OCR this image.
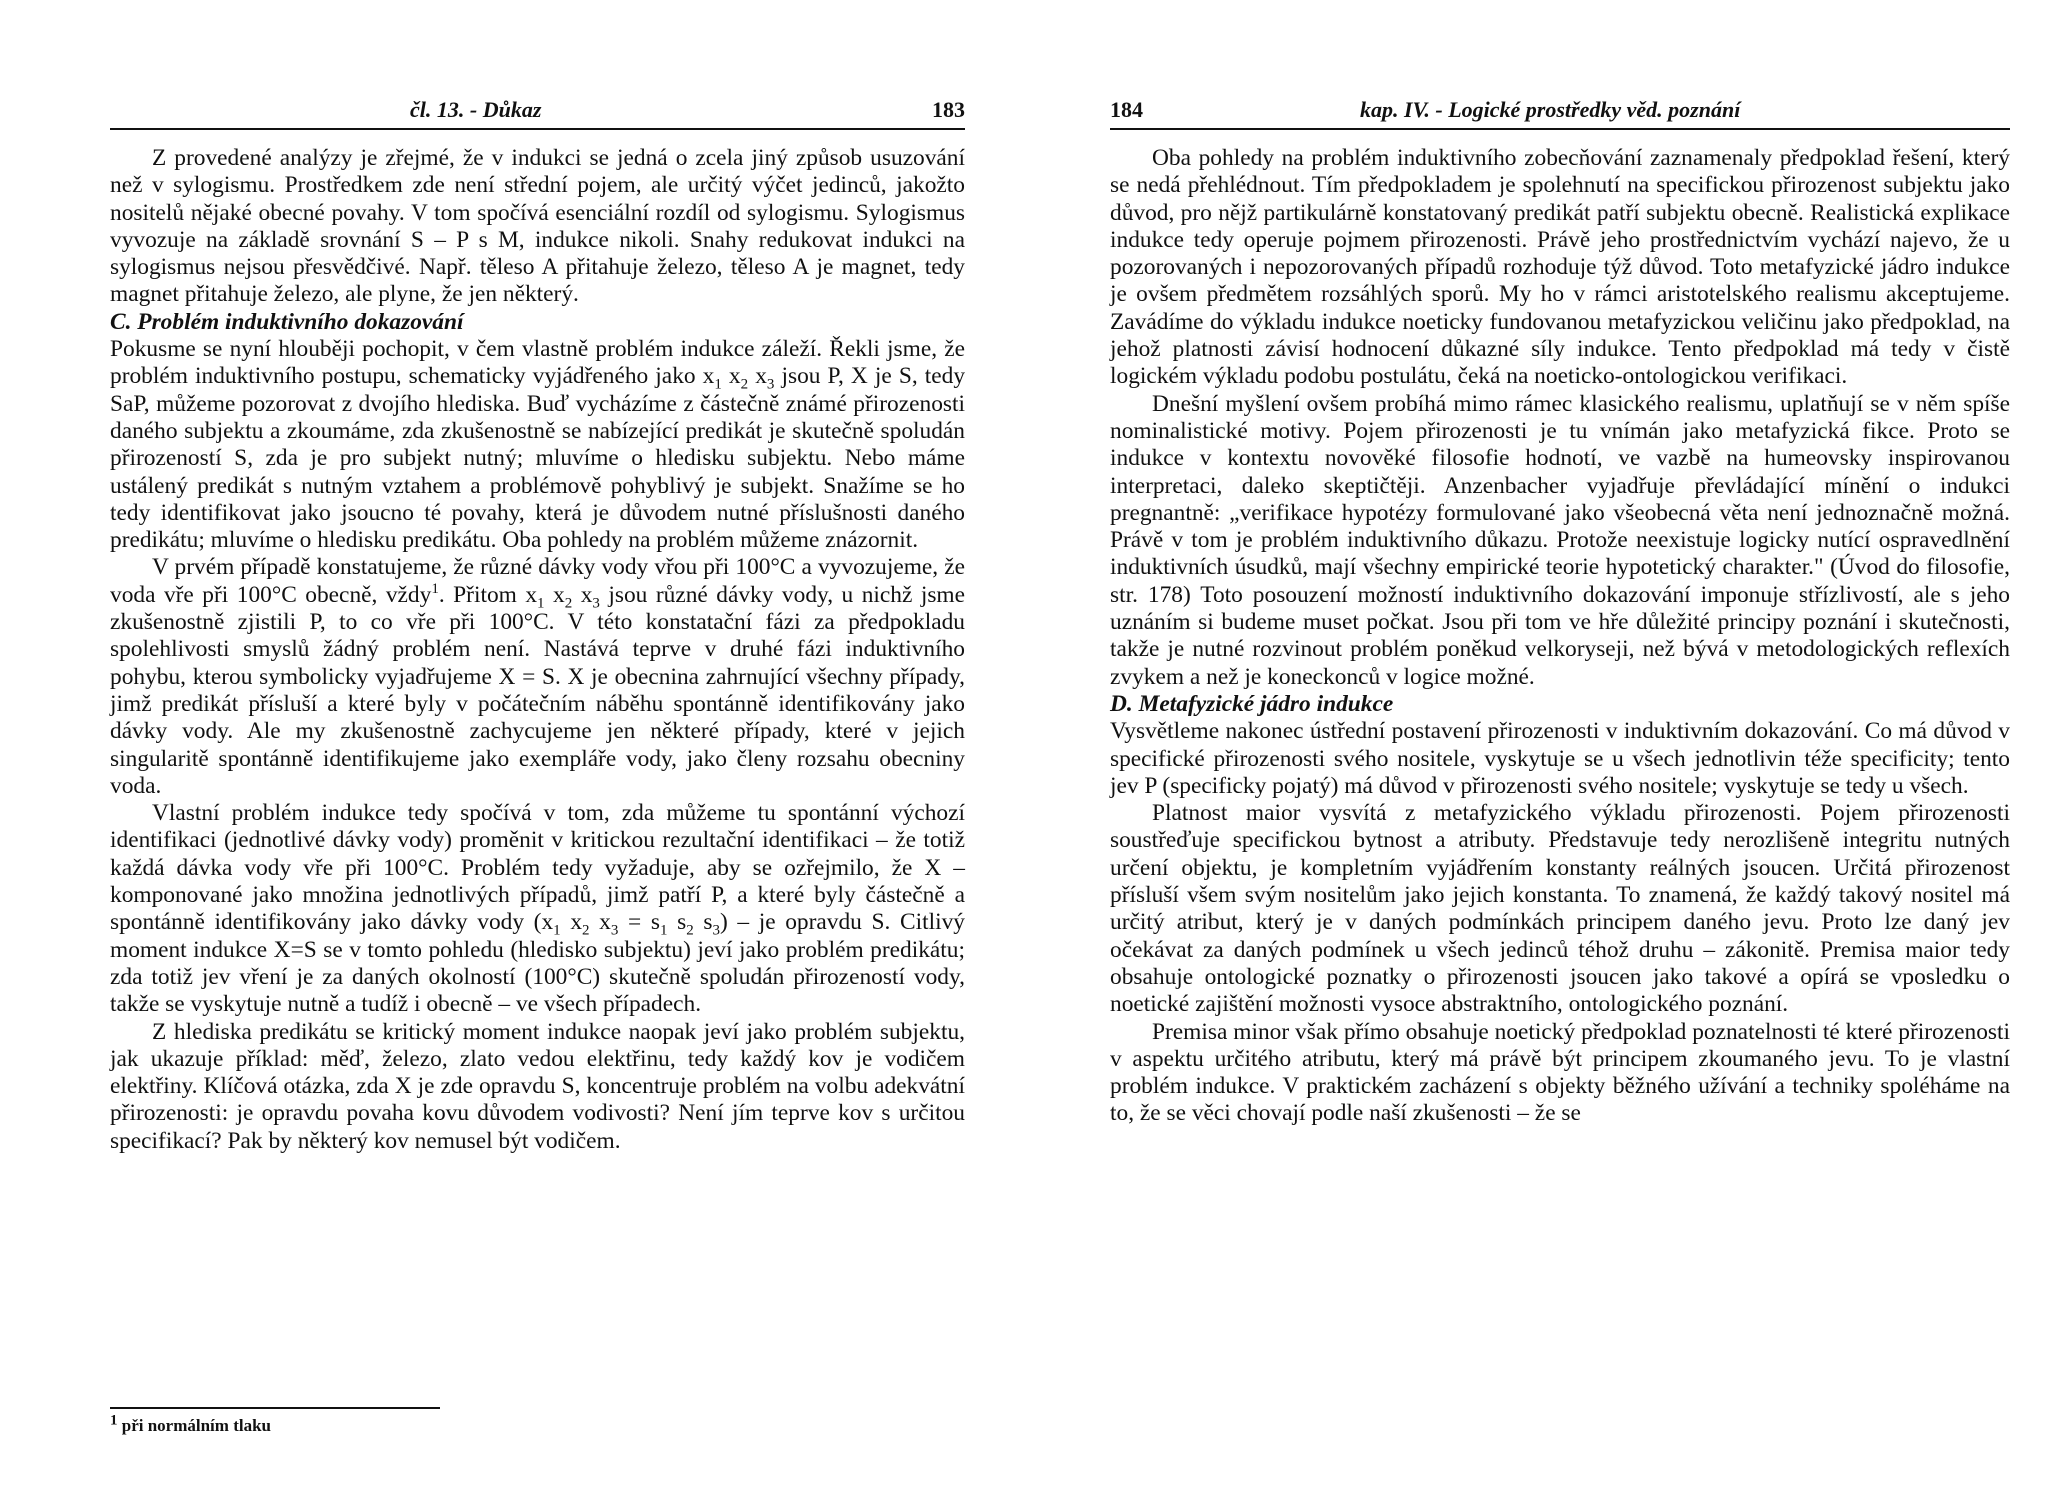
čl. 13. - Důkaz	183

Z provedené analýzy je zřejmé, že v indukci se jedná o zcela jiný způsob usuzování než v sylogismu. Prostředkem zde není střední pojem, ale určitý výčet jedinců, jakožto nositelů nějaké obecné povahy. V tom spočívá esenciální rozdíl od sylogismu. Sylogismus vyvozuje na základě srovnání S – P s M, indukce nikoli. Snahy redukovat indukci na sylogismus nejsou přesvědčivé. Např. těleso A přitahuje železo, těleso A je magnet, tedy magnet přitahuje železo, ale plyne, že jen některý.

C. Problém induktivního dokazování

Pokusme se nyní hlouběji pochopit, v čem vlastně problém indukce záleží. Řekli jsme, že problém induktivního postupu, schematicky vyjádřeného jako $x_1$ $x_2$ $x_3$ jsou P, X je S, tedy SaP, můžeme pozorovat z dvojího hlediska. Buď vycházíme z částečně známé přirozenosti daného subjektu a zkoumáme, zda zkušenostně se nabízející predikát je skutečně spoludán přirozeností S, zda je pro subjekt nutný; mluvíme o hledisku subjektu. Nebo máme ustálený predikát s nutným vztahem a problémově pohyblivý je subjekt. Snažíme se ho tedy identifikovat jako jsoucno té povahy, která je důvodem nutné příslušnosti daného predikátu; mluvíme o hledisku predikátu. Oba pohledy na problém můžeme znázornit.

V prvém případě konstatujeme, že různé dávky vody vřou při 100°C a vyvozujeme, že voda vře při 100°C obecně, vždy$^1$. Přitom $x_1$ $x_2$ $x_3$ jsou různé dávky vody, u nichž jsme zkušenostně zjistili P, to co vře při 100°C. V této konstatační fázi za předpokladu spolehlivosti smyslů žádný problém není. Nastává teprve v druhé fázi induktivního pohybu, kterou symbolicky vyjadřujeme X = S. X je obecnina zahrnující všechny případy, jimž predikát přísluší a které byly v počátečním náběhu spontánně identifikovány jako dávky vody. Ale my zkušenostně zachycujeme jen některé případy, které v jejich singularitě spontánně identifikujeme jako exempláře vody, jako členy rozsahu obecniny voda.

Vlastní problém indukce tedy spočívá v tom, zda můžeme tu spontánní výchozí identifikaci (jednotlivé dávky vody) proměnit v kritickou rezultační identifikaci – že totiž každá dávka vody vře při 100°C. Problém tedy vyžaduje, aby se ozřejmilo, že X – komponované jako množina jednotlivých případů, jimž patří P, a které byly částečně a spontánně identifikovány jako dávky vody ($x_1$ $x_2$ $x_3 = s_1$ $s_2$ $s_3$) – je opravdu S. Citlivý moment indukce X=S se v tomto pohledu (hledisko subjektu) jeví jako problém predikátu; zda totiž jev vření je za daných okolností (100°C) skutečně spoludán přirozeností vody, takže se vyskytuje nutně a tudíž i obecně – ve všech případech.

Z hlediska predikátu se kritický moment indukce naopak jeví jako problém subjektu, jak ukazuje příklad: měď, železo, zlato vedou elektřinu, tedy každý kov je vodičem elektřiny. Klíčová otázka, zda X je zde opravdu S, koncentruje problém na volbu adekvátní přirozenosti: je opravdu povaha kovu důvodem vodivosti? Není jím teprve kov s určitou specifikací? Pak by některý kov nemusel být vodičem.

$^1$ při normálním tlaku
184	kap. IV. - Logické prostředky věd. poznání

Oba pohledy na problém induktivního zobecňování zaznamenaly předpoklad řešení, který se nedá přehlédnout. Tím předpokladem je spolehnutí na specifickou přirozenost subjektu jako důvod, pro nějž partikulárně konstatovaný predikát patří subjektu obecně. Realistická explikace indukce tedy operuje pojmem přirozenosti. Právě jeho prostřednictvím vychází najevo, že u pozorovaných i nepozorovaných případů rozhoduje týž důvod. Toto metafyzické jádro indukce je ovšem předmětem rozsáhlých sporů. My ho v rámci aristotelského realismu akceptujeme. Zavádíme do výkladu indukce noeticky fundovanou metafyzickou veličinu jako předpoklad, na jehož platnosti závisí hodnocení důkazné síly indukce. Tento předpoklad má tedy v čistě logickém výkladu podobu postulátu, čeká na noeticko-ontologickou verifikaci.

Dnešní myšlení ovšem probíhá mimo rámec klasického realismu, uplatňují se v něm spíše nominalistické motivy. Pojem přirozenosti je tu vnímán jako metafyzická fikce. Proto se indukce v kontextu novověké filosofie hodnotí, ve vazbě na humeovsky inspirovanou interpretaci, daleko skeptičtěji. Anzenbacher vyjadřuje převládající mínění o indukci pregnantně: „verifikace hypotézy formulované jako všeobecná věta není jednoznačně možná. Právě v tom je problém induktivního důkazu. Protože neexistuje logicky nutící ospravedlnění induktivních úsudků, mají všechny empirické teorie hypotetický charakter." (Úvod do filosofie, str. 178) Toto posouzení možností induktivního dokazování imponuje střízlivostí, ale s jeho uznáním si budeme muset počkat. Jsou při tom ve hře důležité principy poznání i skutečnosti, takže je nutné rozvinout problém poněkud velkoryseji, než bývá v metodologických reflexích zvykem a než je koneckonců v logice možné.

D. Metafyzické jádro indukce

Vysvětleme nakonec ústřední postavení přirozenosti v induktivním dokazování. Co má důvod v specifické přirozenosti svého nositele, vyskytuje se u všech jednotlivin téže specificity; tento jev P (specificky pojatý) má důvod v přirozenosti svého nositele; vyskytuje se tedy u všech.

Platnost maior vysvítá z metafyzického výkladu přirozenosti. Pojem přirozenosti soustřeďuje specifickou bytnost a atributy. Představuje tedy nerozlišeně integritu nutných určení objektu, je kompletním vyjádřením konstanty reálných jsoucen. Určitá přirozenost přísluší všem svým nositelům jako jejich konstanta. To znamená, že každý takový nositel má určitý atribut, který je v daných podmínkách principem daného jevu. Proto lze daný jev očekávat za daných podmínek u všech jedinců téhož druhu – zákonitě. Premisa maior tedy obsahuje ontologické poznatky o přirozenosti jsoucen jako takové a opírá se vposledku o noetické zajištění možnosti vysoce abstraktního, ontologického poznání.

Premisa minor však přímo obsahuje noetický předpoklad poznatelnosti té které přirozenosti v aspektu určitého atributu, který má právě být principem zkoumaného jevu. To je vlastní problém indukce. V praktickém zacházení s objekty běžného užívání a techniky spoléháme na to, že se věci chovají podle naší zkušenosti – že se
